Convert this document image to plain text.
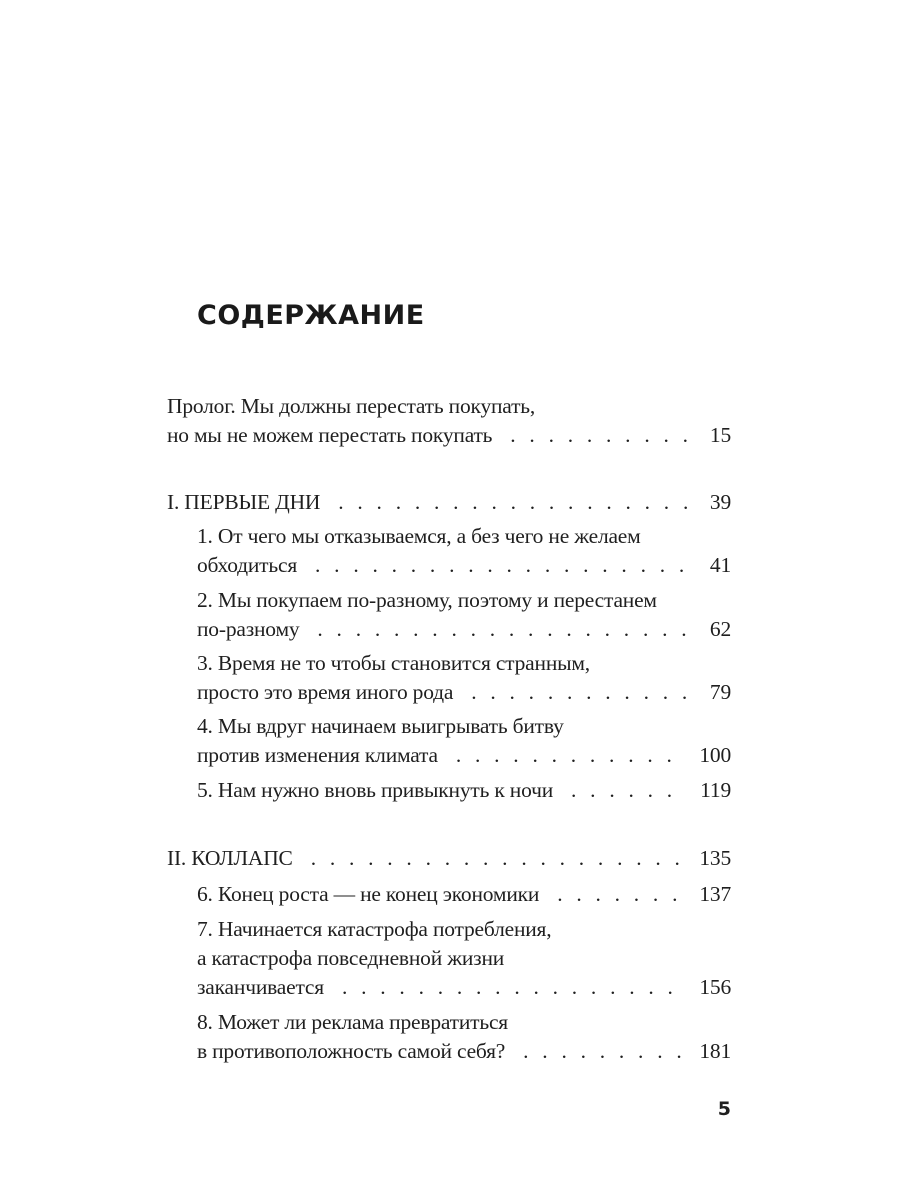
СОДЕРЖАНИЕ
Пролог. Мы должны перестать покупать,
но мы не можем перестать покупать . . .	15
I. ПЕРВЫЕ ДНИ . . .	39
1. От чего мы отказываемся, а без чего не желаем
обходиться . . .	41
2. Мы покупаем по-разному, поэтому и перестанем
по-разному . . .	62
3. Время не то чтобы становится странным,
просто это время иного рода . . .	79
4. Мы вдруг начинаем выигрывать битву
против изменения климата . . .	100
5. Нам нужно вновь привыкнуть к ночи . . .	119
II. КОЛЛАПС . . .	135
6. Конец роста — не конец экономики . . .	137
7. Начинается катастрофа потребления,
а катастрофа повседневной жизни
заканчивается . . .	156
8. Может ли реклама превратиться
в противоположность самой себя? . . .	181
5
